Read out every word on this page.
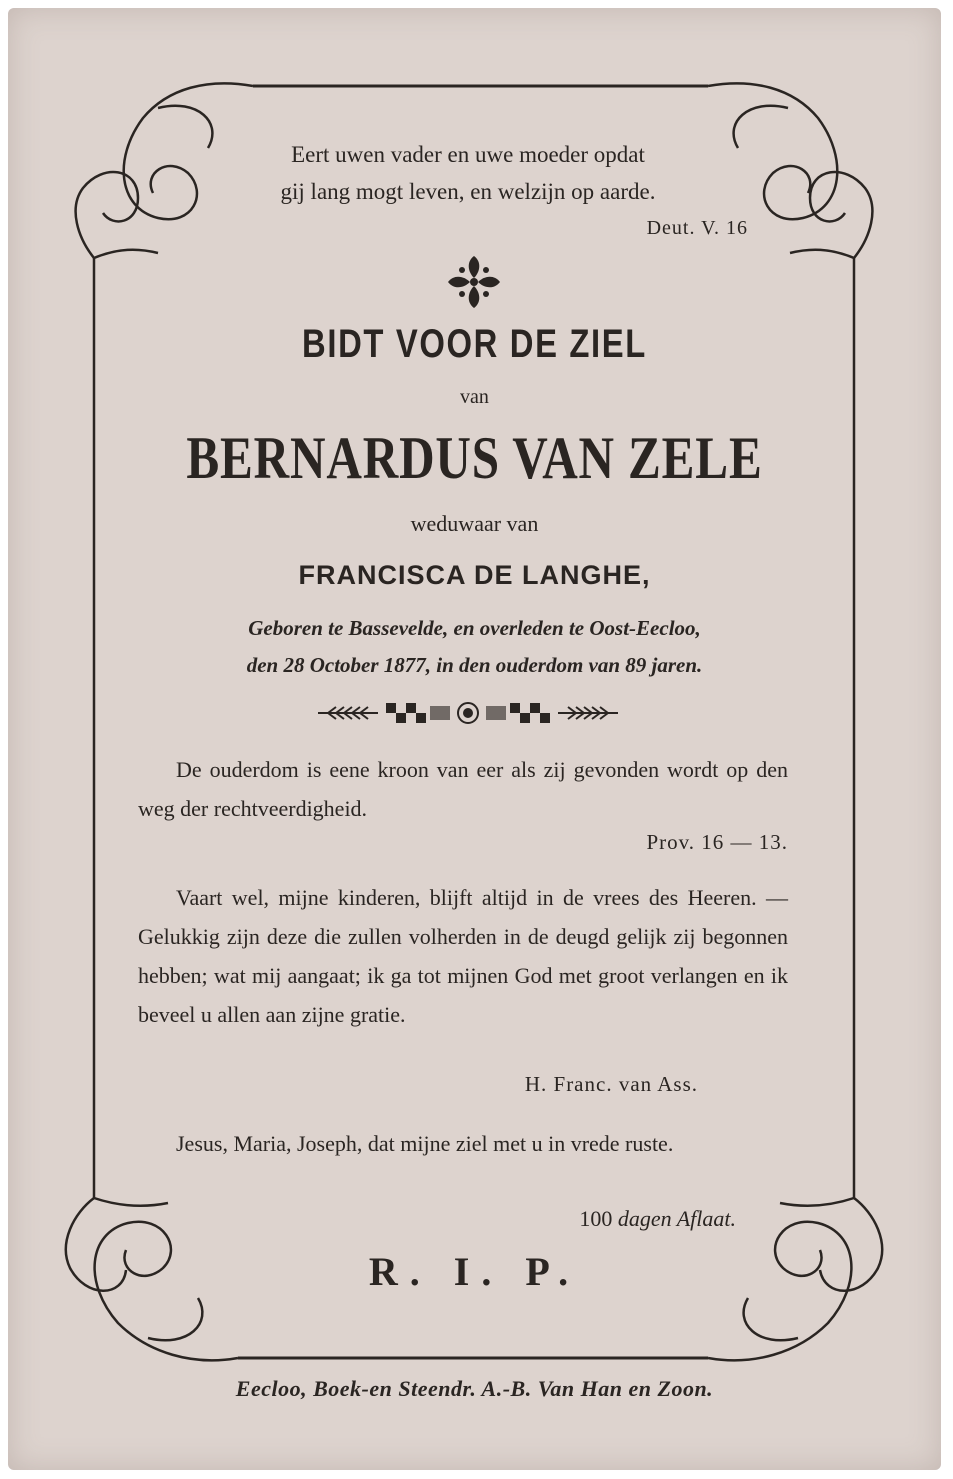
Eert uwen vader en uwe moeder opdat
gij lang mogt leven, en welzijn op aarde.
Deut. V. 16
BIDT VOOR DE ZIEL
van
BERNARDUS VAN ZELE
weduwaar van
FRANCISCA DE LANGHE,
Geboren te Bassevelde, en overleden te Oost-Eecloo,
den 28 October 1877, in den ouderdom van 89 jaren.
De ouderdom is eene kroon van eer als zij gevonden wordt op den weg der rechtveerdigheid.
Prov. 16 — 13.
Vaart wel, mijne kinderen, blijft altijd in de vrees des Heeren. — Gelukkig zijn deze die zullen volherden in de deugd gelijk zij begonnen hebben; wat mij aangaat; ik ga tot mijnen God met groot verlangen en ik beveel u allen aan zijne gratie.
H. Franc. van Ass.
Jesus, Maria, Joseph, dat mijne ziel met u in vrede ruste.
100 dagen Aflaat.
R. I. P.
Eecloo, Boek-en Steendr. A.-B. Van Han en Zoon.
